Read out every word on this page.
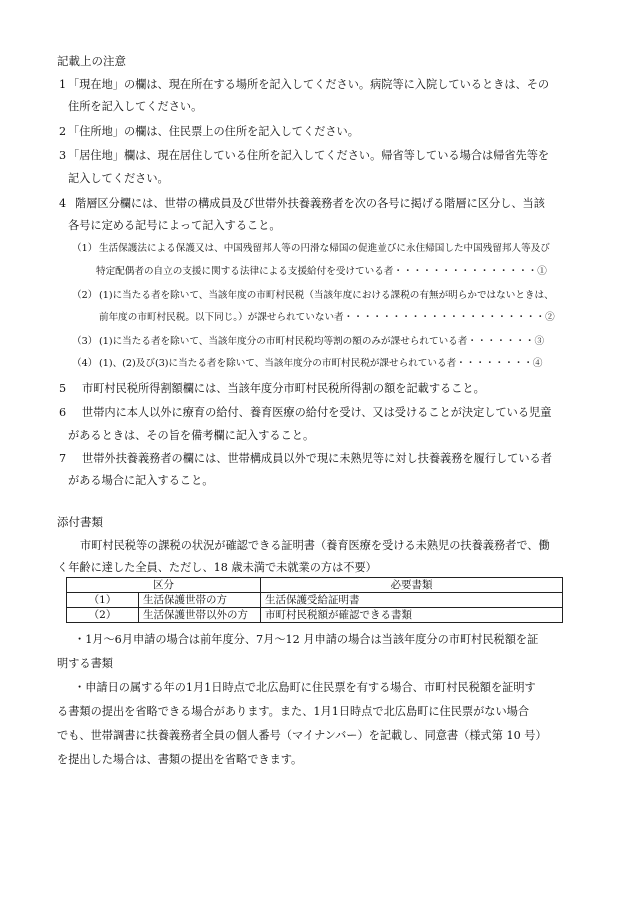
記載上の注意
1 「現在地」の欄は、現在所在する場所を記入してください。病院等に入院しているときは、その
住所を記入してください。
2 「住所地」の欄は、住民票上の住所を記入してください。
3 「居住地」欄は、現在居住している住所を記入してください。帰省等している場合は帰省先等を
記入してください。
4 階層区分欄には、世帯の構成員及び世帯外扶養義務者を次の各号に掲げる階層に区分し、当該
各号に定める記号によって記入すること。
（1） 生活保護法による保護又は、中国残留邦人等の円滑な帰国の促進並びに永住帰国した中国残留邦人等及び
特定配偶者の自立の支援に関する法律による支援給付を受けている者・・・・・・・・・・・・・・・①
（2） (1)に当たる者を除いて、当該年度の市町村民税（当該年度における課税の有無が明らかではないときは、
前年度の市町村民税。以下同じ。）が課せられていない者・・・・・・・・・・・・・・・・・・・・・②
（3） (1)に当たる者を除いて、当該年度分の市町村民税均等割の額のみが課せられている者・・・・・・・③
（4） (1)、(2)及び(3)に当たる者を除いて、当該年度分の市町村民税が課せられている者・・・・・・・・④
5 市町村民税所得割額欄には、当該年度分市町村民税所得割の額を記載すること。
6 世帯内に本人以外に療育の給付、養育医療の給付を受け、又は受けることが決定している児童
があるときは、その旨を備考欄に記入すること。
7 世帯外扶養義務者の欄には、世帯構成員以外で現に未熟児等に対し扶養義務を履行している者
がある場合に記入すること。
添付書類
市町村民税等の課税の状況が確認できる証明書（養育医療を受ける未熟児の扶養義務者で、働
く年齢に達した全員、ただし、18 歳未満で未就業の方は不要）
区分		必要書類
（1）	生活保護世帯の方	生活保護受給証明書
（2）	生活保護世帯以外の方	市町村民税額が確認できる書類
・1月～6月申請の場合は前年度分、7月～12 月申請の場合は当該年度分の市町村民税額を証
明する書類
・申請日の属する年の1月1日時点で北広島町に住民票を有する場合、市町村民税額を証明す
る書類の提出を省略できる場合があります。また、1月1日時点で北広島町に住民票がない場合
でも、世帯調書に扶養義務者全員の個人番号（マイナンバー）を記載し、同意書（様式第 10 号）
を提出した場合は、書類の提出を省略できます。
